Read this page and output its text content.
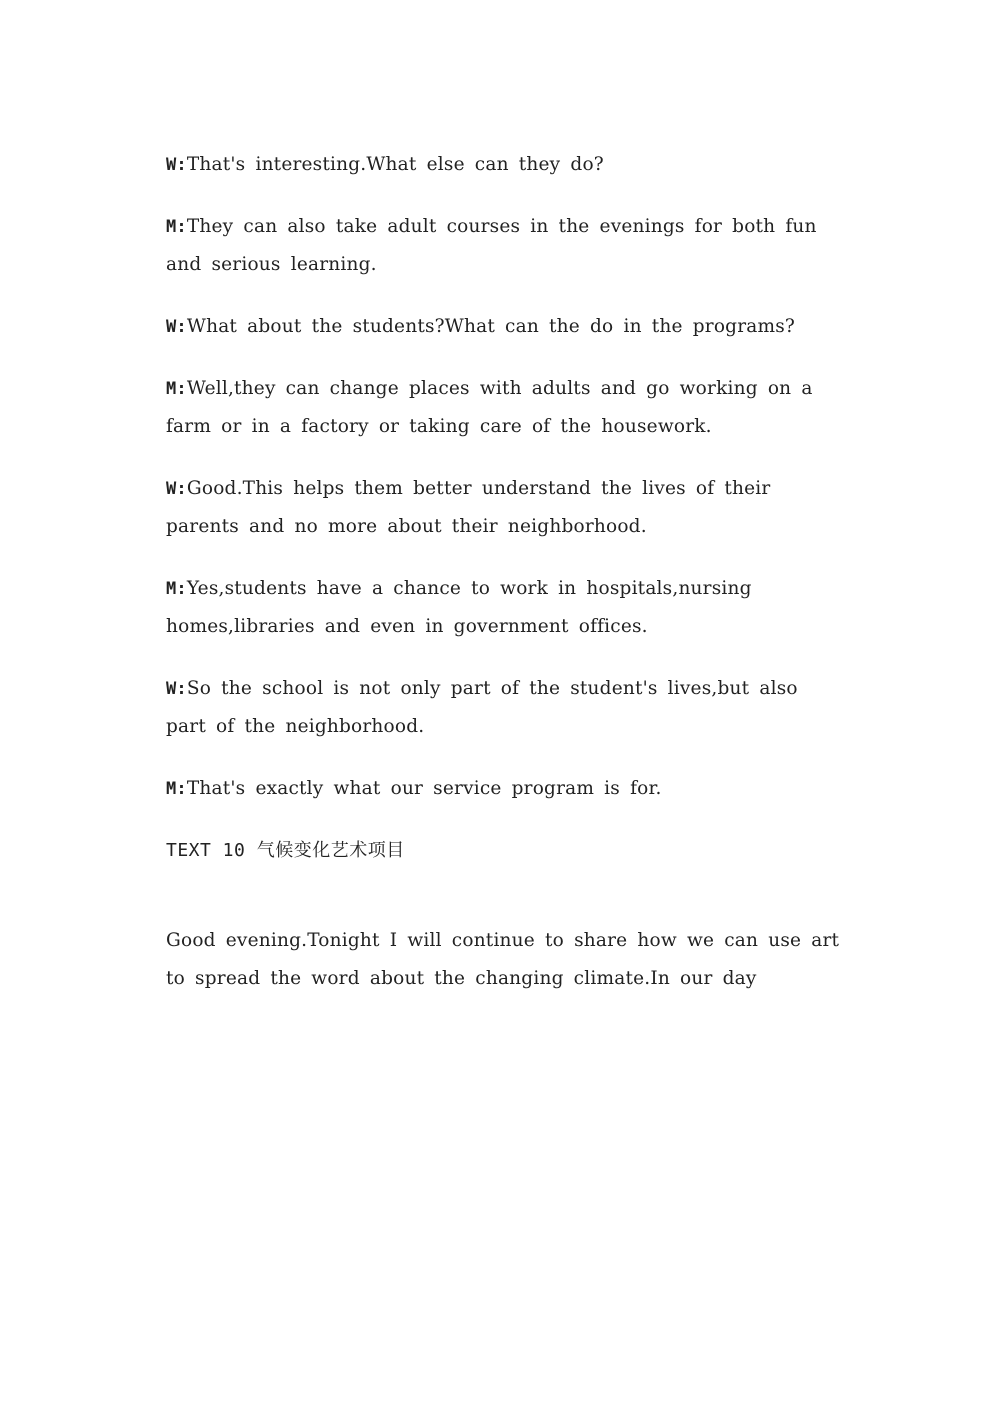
W:That's interesting.What else can they do?

M:They can also take adult courses in the evenings for both fun and serious learning.

W:What about the students?What can the do in the programs?

M:Well,they can change places with adults and go working on a farm or in a factory or taking care of the housework.

W:Good.This helps them better understand the lives of their parents and no more about their neighborhood.

M:Yes,students have a chance to work in hospitals,nursing homes,libraries and even in government offices.

W:So the school is not only part of the student's lives,but also part of the neighborhood.

M:That's exactly what our service program is for.

TEXT 10 气候变化艺术项目

Good evening.Tonight I will continue to share how we can use art to spread the word about the changing climate.In our day
